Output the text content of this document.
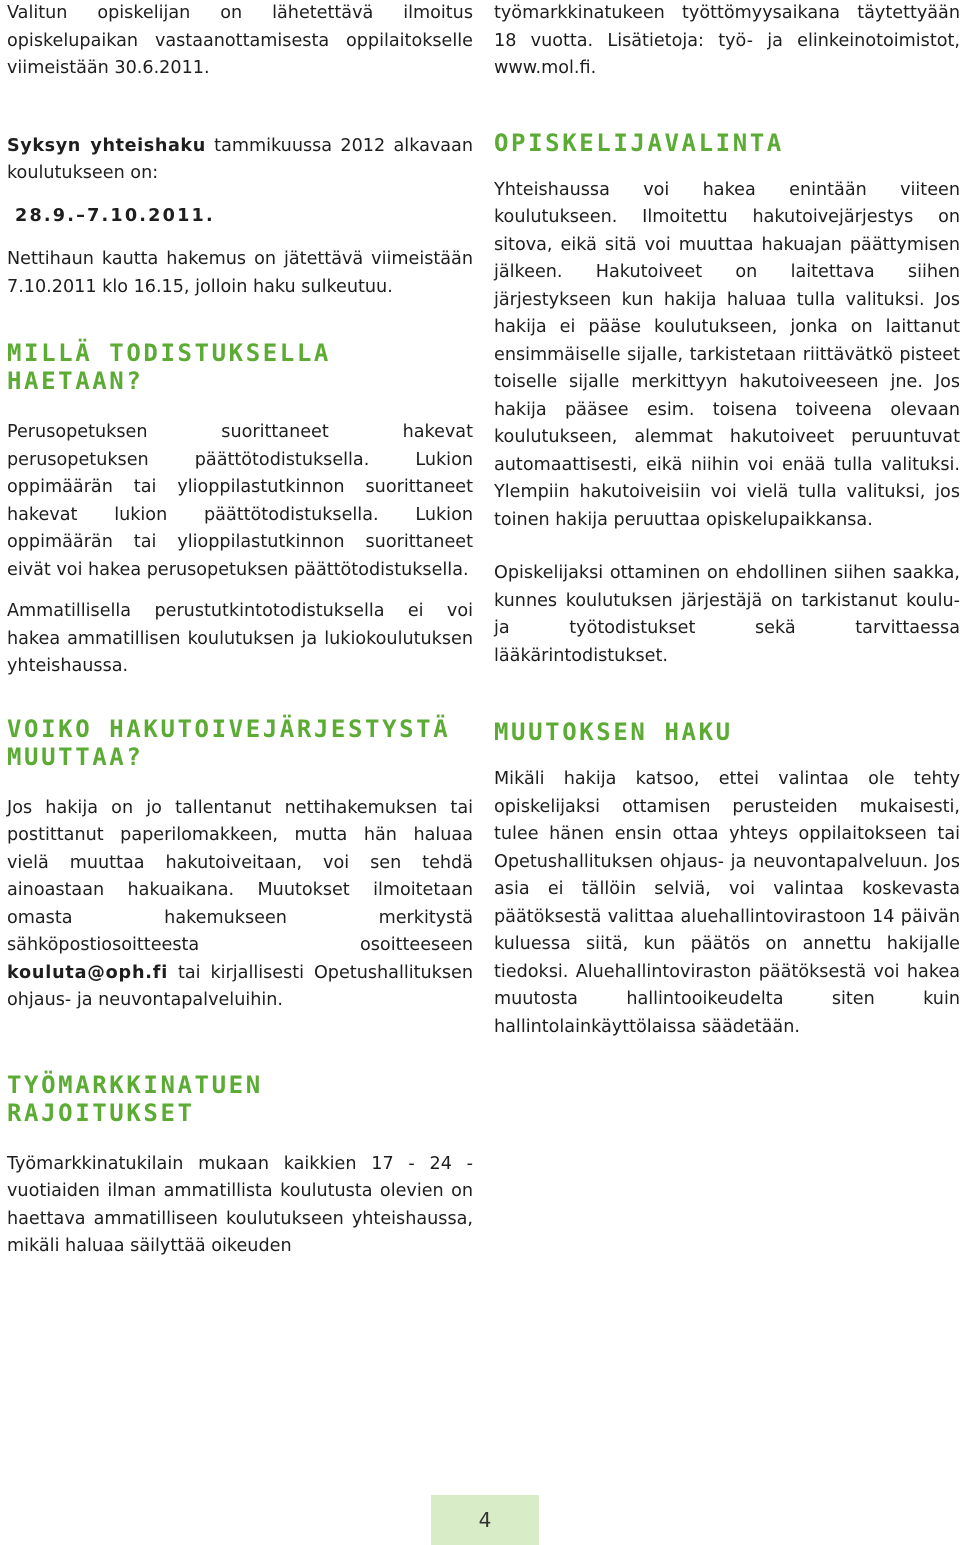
Valitun opiskelijan on lähetettävä ilmoitus opiskelupaikan vastaanottamisesta oppilaitokselle viimeistään 30.6.2011.

Syksyn yhteishaku tammikuussa 2012 alkavaan koulutukseen on:

28.9.–7.10.2011.

Nettihaun kautta hakemus on jätettävä viimeistään 7.10.2011 klo 16.15, jolloin haku sulkeutuu.

MILLÄ TODISTUKSELLA HAETAAN?

Perusopetuksen suorittaneet hakevat perusopetuksen päättötodistuksella. Lukion oppimäärän tai ylioppilastutkinnon suorittaneet hakevat lukion päättötodistuksella. Lukion oppimäärän tai ylioppilastutkinnon suorittaneet eivät voi hakea perusopetuksen päättötodistuksella.

Ammatillisella perustutkintotodistuksella ei voi hakea ammatillisen koulutuksen ja lukiokoulutuksen yhteishaussa.

VOIKO HAKUTOIVEJÄRJESTYSTÄ MUUTTAA?

Jos hakija on jo tallentanut nettihakemuksen tai postittanut paperilomakkeen, mutta hän haluaa vielä muuttaa hakutoiveitaan, voi sen tehdä ainoastaan hakuaikana. Muutokset ilmoitetaan omasta hakemukseen merkitystä sähköpostiosoitteesta osoitteeseen kouluta@oph.fi tai kirjallisesti Opetushallituksen ohjaus- ja neuvontapalveluihin.

TYÖMARKKINATUEN RAJOITUKSET

Työmarkkinatukilain mukaan kaikkien 17 - 24 -vuotiaiden ilman ammatillista koulutusta olevien on haettava ammatilliseen koulutukseen yhteishaussa, mikäli haluaa säilyttää oikeuden

työmarkkinatukeen työttömyysaikana täytettyään 18 vuotta. Lisätietoja: työ- ja elinkeinotoimistot, www.mol.fi.

OPISKELIJAVALINTA

Yhteishaussa voi hakea enintään viiteen koulutukseen. Ilmoitettu hakutoivejärjestys on sitova, eikä sitä voi muuttaa hakuajan päättymisen jälkeen. Hakutoiveet on laitettava siihen järjestykseen kun hakija haluaa tulla valituksi. Jos hakija ei pääse koulutukseen, jonka on laittanut ensimmäiselle sijalle, tarkistetaan riittävätkö pisteet toiselle sijalle merkittyyn hakutoiveeseen jne. Jos hakija pääsee esim. toisena toiveena olevaan koulutukseen, alemmat hakutoiveet peruuntuvat automaattisesti, eikä niihin voi enää tulla valituksi. Ylempiin hakutoiveisiin voi vielä tulla valituksi, jos toinen hakija peruuttaa opiskelupaikkansa.

Opiskelijaksi ottaminen on ehdollinen siihen saakka, kunnes koulutuksen järjestäjä on tarkistanut koulu- ja työtodistukset sekä tarvittaessa lääkärintodistukset.

MUUTOKSEN HAKU

Mikäli hakija katsoo, ettei valintaa ole tehty opiskelijaksi ottamisen perusteiden mukaisesti, tulee hänen ensin ottaa yhteys oppilaitokseen tai Opetushallituksen ohjaus- ja neuvontapalveluun. Jos asia ei tällöin selviä, voi valintaa koskevasta päätöksestä valittaa aluehallintovirastoon 14 päivän kuluessa siitä, kun päätös on annettu hakijalle tiedoksi. Aluehallintoviraston päätöksestä voi hakea muutosta hallintooikeudelta siten kuin hallintolainkäyttölaissa säädetään.

4
